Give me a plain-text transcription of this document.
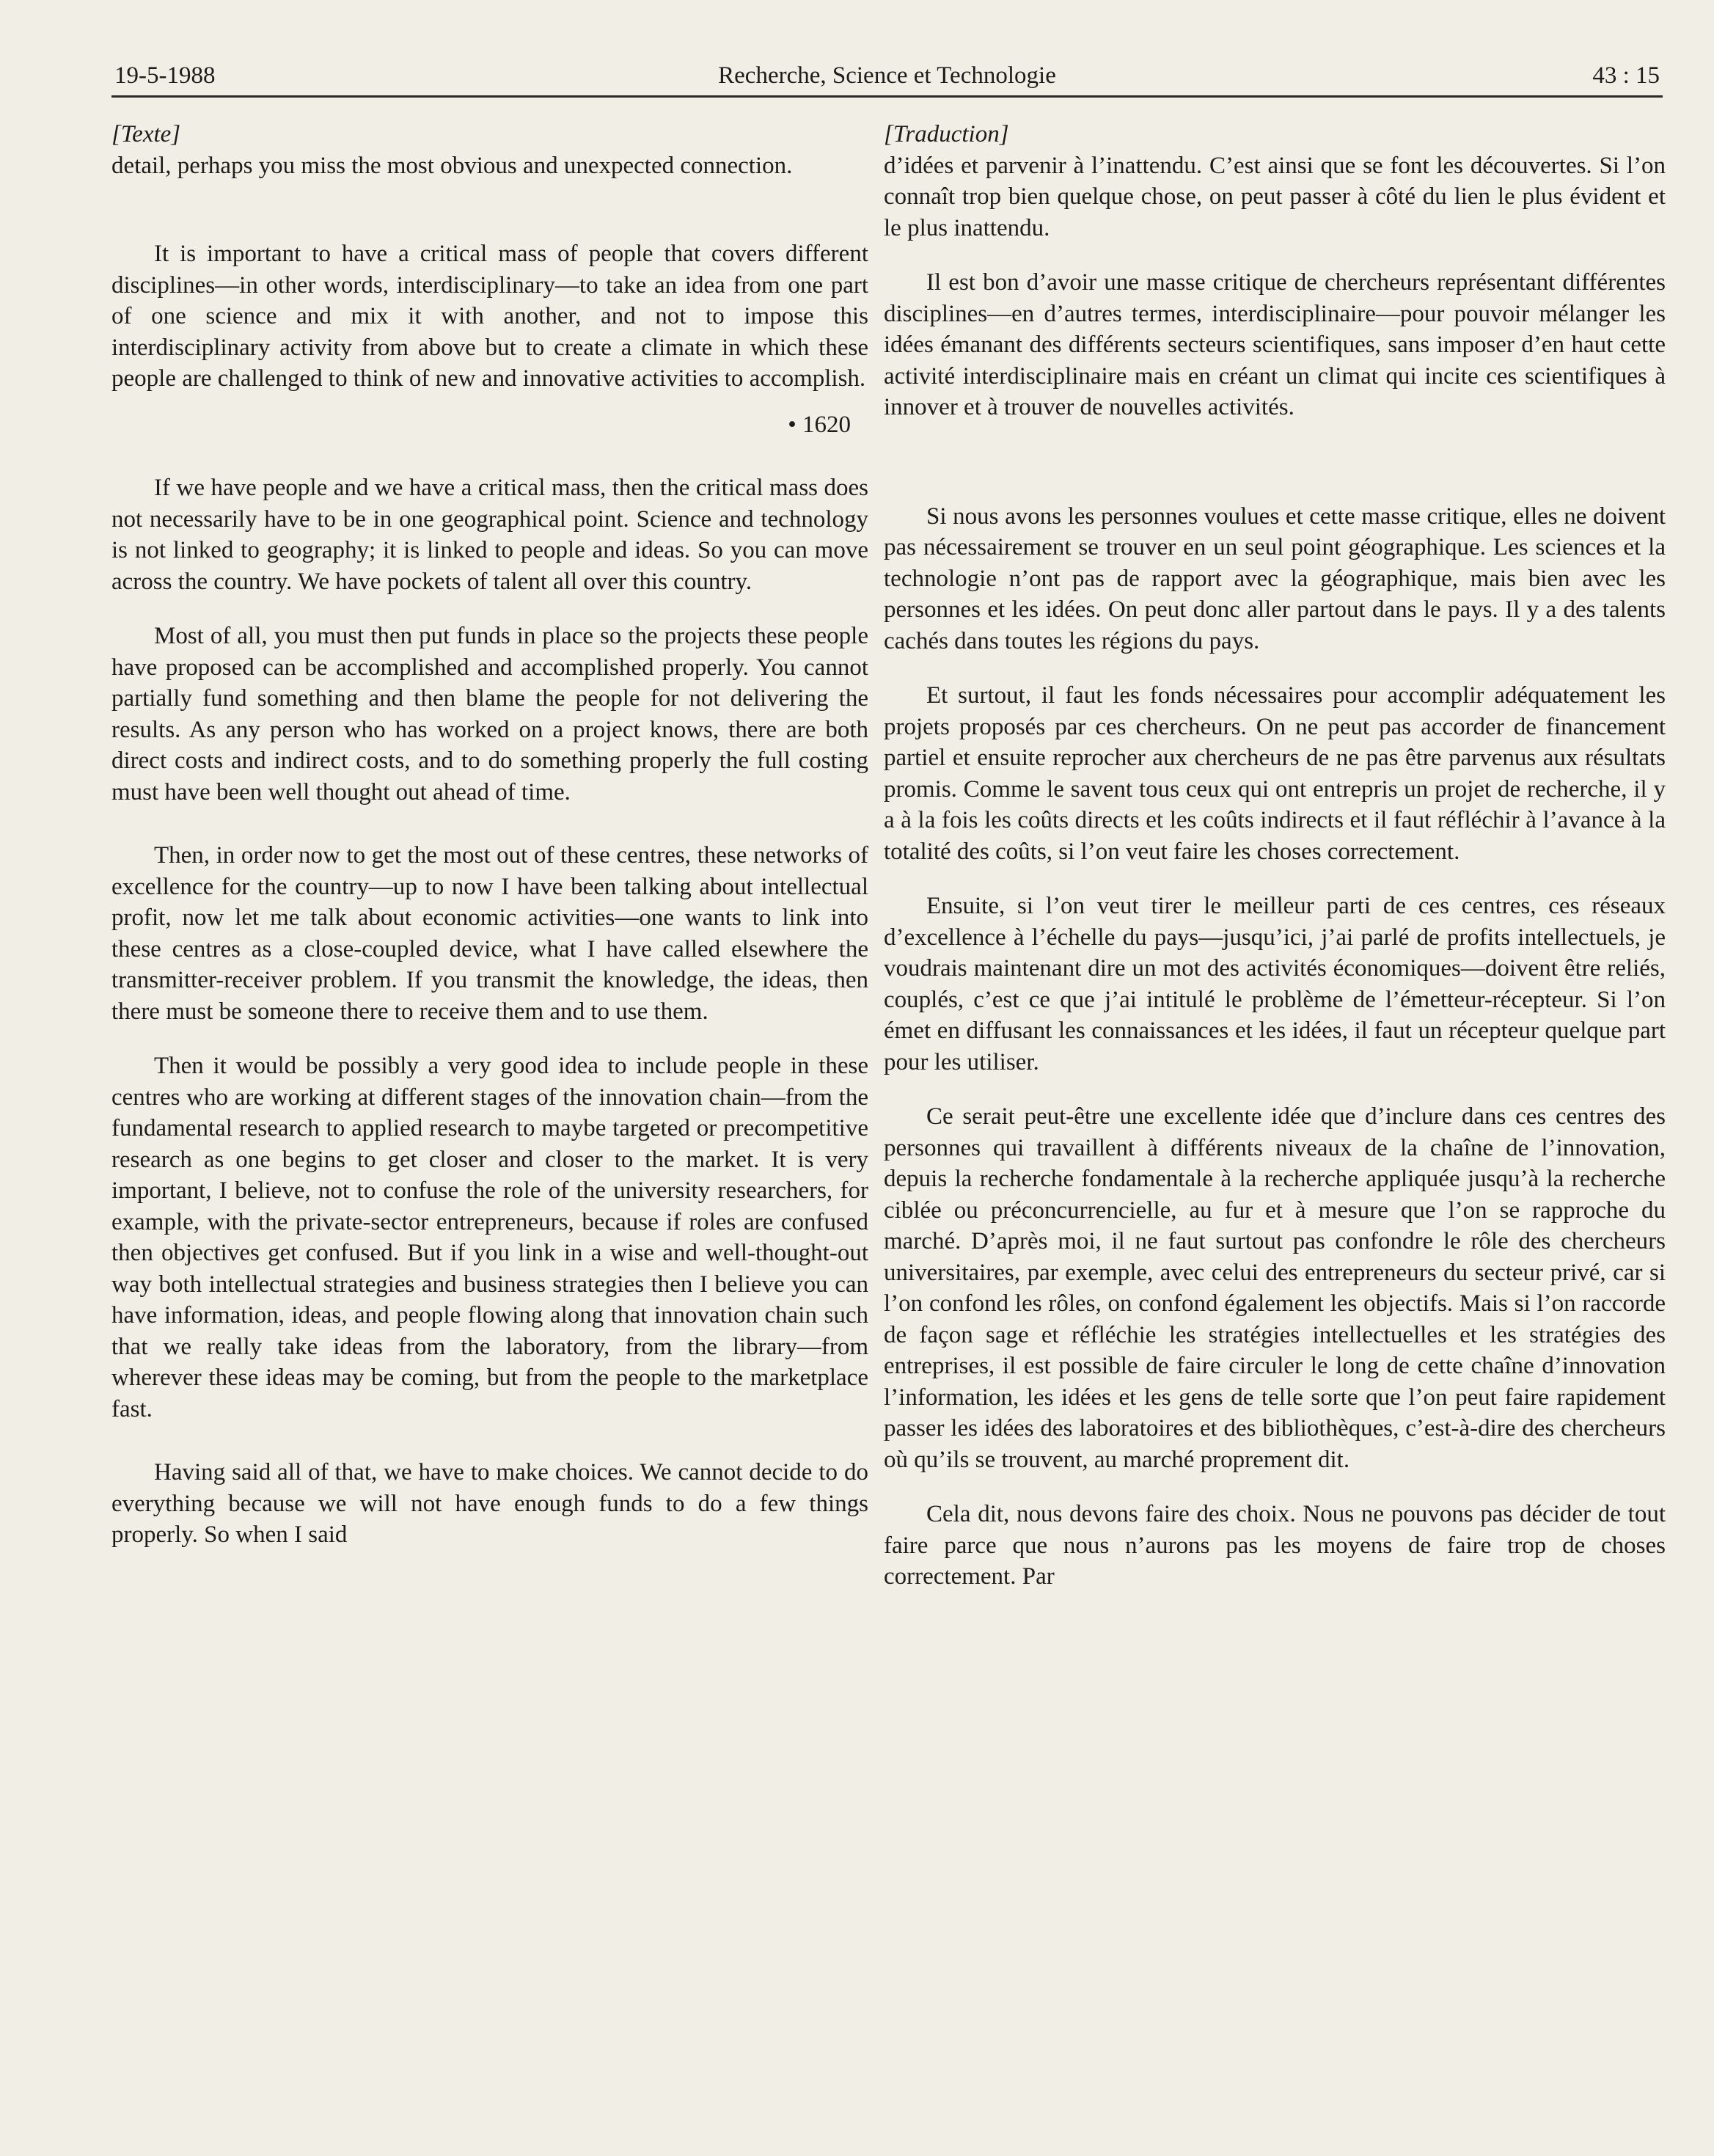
19-5-1988	Recherche, Science et Technologie	43 : 15
[Texte]

detail, perhaps you miss the most obvious and unexpected connection.

It is important to have a critical mass of people that covers different disciplines—in other words, interdisciplinary—to take an idea from one part of one science and mix it with another, and not to impose this interdisciplinary activity from above but to create a climate in which these people are challenged to think of new and innovative activities to accomplish.

• 1620

If we have people and we have a critical mass, then the critical mass does not necessarily have to be in one geographical point. Science and technology is not linked to geography; it is linked to people and ideas. So you can move across the country. We have pockets of talent all over this country.

Most of all, you must then put funds in place so the projects these people have proposed can be accomplished and accomplished properly. You cannot partially fund something and then blame the people for not delivering the results. As any person who has worked on a project knows, there are both direct costs and indirect costs, and to do something properly the full costing must have been well thought out ahead of time.

Then, in order now to get the most out of these centres, these networks of excellence for the country—up to now I have been talking about intellectual profit, now let me talk about economic activities—one wants to link into these centres as a close-coupled device, what I have called elsewhere the transmitter-receiver problem. If you transmit the knowledge, the ideas, then there must be someone there to receive them and to use them.

Then it would be possibly a very good idea to include people in these centres who are working at different stages of the innovation chain—from the fundamental research to applied research to maybe targeted or precompetitive research as one begins to get closer and closer to the market. It is very important, I believe, not to confuse the role of the university researchers, for example, with the private-sector entrepreneurs, because if roles are confused then objectives get confused. But if you link in a wise and well-thought-out way both intellectual strategies and business strategies then I believe you can have information, ideas, and people flowing along that innovation chain such that we really take ideas from the laboratory, from the library—from wherever these ideas may be coming, but from the people to the marketplace fast.

Having said all of that, we have to make choices. We cannot decide to do everything because we will not have enough funds to do a few things properly. So when I said

[Traduction]

d’idées et parvenir à l’inattendu. C’est ainsi que se font les découvertes. Si l’on connaît trop bien quelque chose, on peut passer à côté du lien le plus évident et le plus inattendu.

Il est bon d’avoir une masse critique de chercheurs représentant différentes disciplines—en d’autres termes, interdisciplinaire—pour pouvoir mélanger les idées émanant des différents secteurs scientifiques, sans imposer d’en haut cette activité interdisciplinaire mais en créant un climat qui incite ces scientifiques à innover et à trouver de nouvelles activités.

Si nous avons les personnes voulues et cette masse critique, elles ne doivent pas nécessairement se trouver en un seul point géographique. Les sciences et la technologie n’ont pas de rapport avec la géographique, mais bien avec les personnes et les idées. On peut donc aller partout dans le pays. Il y a des talents cachés dans toutes les régions du pays.

Et surtout, il faut les fonds nécessaires pour accomplir adéquatement les projets proposés par ces chercheurs. On ne peut pas accorder de financement partiel et ensuite reprocher aux chercheurs de ne pas être parvenus aux résultats promis. Comme le savent tous ceux qui ont entrepris un projet de recherche, il y a à la fois les coûts directs et les coûts indirects et il faut réfléchir à l’avance à la totalité des coûts, si l’on veut faire les choses correctement.

Ensuite, si l’on veut tirer le meilleur parti de ces centres, ces réseaux d’excellence à l’échelle du pays—jusqu’ici, j’ai parlé de profits intellectuels, je voudrais maintenant dire un mot des activités économiques—doivent être reliés, couplés, c’est ce que j’ai intitulé le problème de l’émetteur-récepteur. Si l’on émet en diffusant les connaissances et les idées, il faut un récepteur quelque part pour les utiliser.

Ce serait peut-être une excellente idée que d’inclure dans ces centres des personnes qui travaillent à différents niveaux de la chaîne de l’innovation, depuis la recherche fondamentale à la recherche appliquée jusqu’à la recherche ciblée ou préconcurrencielle, au fur et à mesure que l’on se rapproche du marché. D’après moi, il ne faut surtout pas confondre le rôle des chercheurs universitaires, par exemple, avec celui des entrepreneurs du secteur privé, car si l’on confond les rôles, on confond également les objectifs. Mais si l’on raccorde de façon sage et réfléchie les stratégies intellectuelles et les stratégies des entreprises, il est possible de faire circuler le long de cette chaîne d’innovation l’information, les idées et les gens de telle sorte que l’on peut faire rapidement passer les idées des laboratoires et des bibliothèques, c’est-à-dire des chercheurs où qu’ils se trouvent, au marché proprement dit.

Cela dit, nous devons faire des choix. Nous ne pouvons pas décider de tout faire parce que nous n’aurons pas les moyens de faire trop de choses correctement. Par
